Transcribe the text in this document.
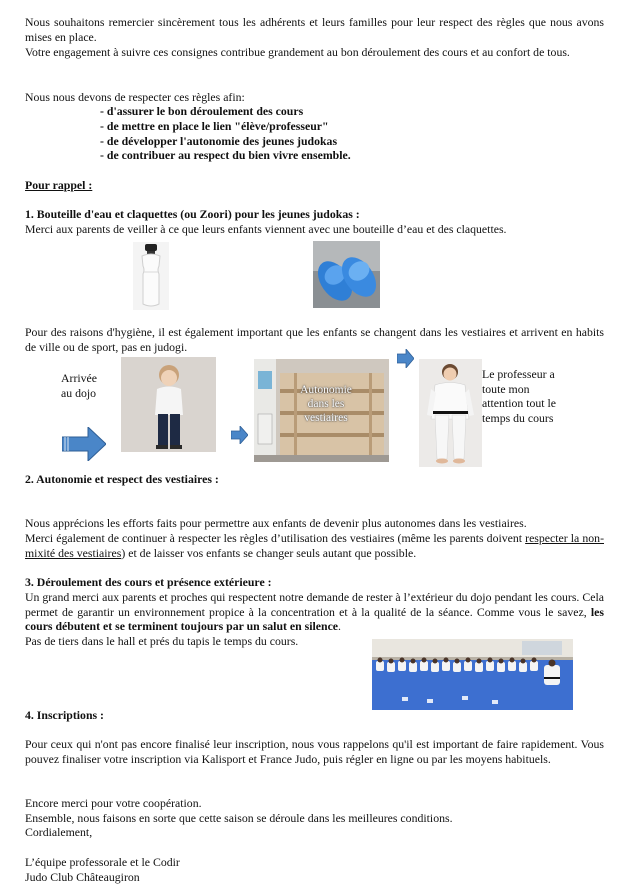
Nous souhaitons remercier sincèrement tous les adhérents et leurs familles pour leur respect des règles que nous avons mises en place.

Votre engagement à suivre ces consignes contribue grandement au bon déroulement des cours et au confort de tous.

Nous nous devons de respecter ces règles afin:

- d'assurer le bon déroulement des cours
- de mettre en place le lien "élève/professeur"
- de développer l'autonomie des jeunes judokas
- de contribuer au respect du bien vivre ensemble.

Pour rappel :

1. Bouteille d'eau et claquettes (ou Zoori) pour les jeunes judokas :

Merci aux parents de veiller à ce que leurs enfants viennent avec une bouteille d’eau et des claquettes.

Pour des raisons d'hygiène, il est également important que les enfants se changent dans les vestiaires et arrivent en habits de ville ou de sport, pas en judogi.

Arrivée
au dojo	Autonomie dans les vestiaires
Le professeur a toute mon attention tout le temps du cours

2. Autonomie et respect des vestiaires :

Nous apprécions les efforts faits pour permettre aux enfants de devenir plus autonomes dans les vestiaires.

Merci également de continuer à respecter les règles d’utilisation des vestiaires (même les parents doivent respecter la non-mixité des vestiaires) et de laisser vos enfants se changer seuls autant que possible.

3. Déroulement des cours et présence extérieure :

Un grand merci aux parents et proches qui respectent notre demande de rester à l’extérieur du dojo pendant les cours. Cela permet de garantir un environnement propice à la concentration et à la qualité de la séance. Comme vous le savez, les cours débutent et se terminent toujours par un salut en silence.

Pas de tiers dans le hall et prés du tapis le temps du cours.

4. Inscriptions :

Pour ceux qui n'ont pas encore finalisé leur inscription, nous vous rappelons qu'il est important de faire rapidement. Vous pouvez finaliser votre inscription via Kalisport et France Judo, puis régler en ligne ou par les moyens habituels.

Encore merci pour votre coopération.

Ensemble, nous faisons en sorte que cette saison se déroule dans les meilleures conditions.

Cordialement,

L’équipe professorale et le Codir

Judo Club Châteaugiron
